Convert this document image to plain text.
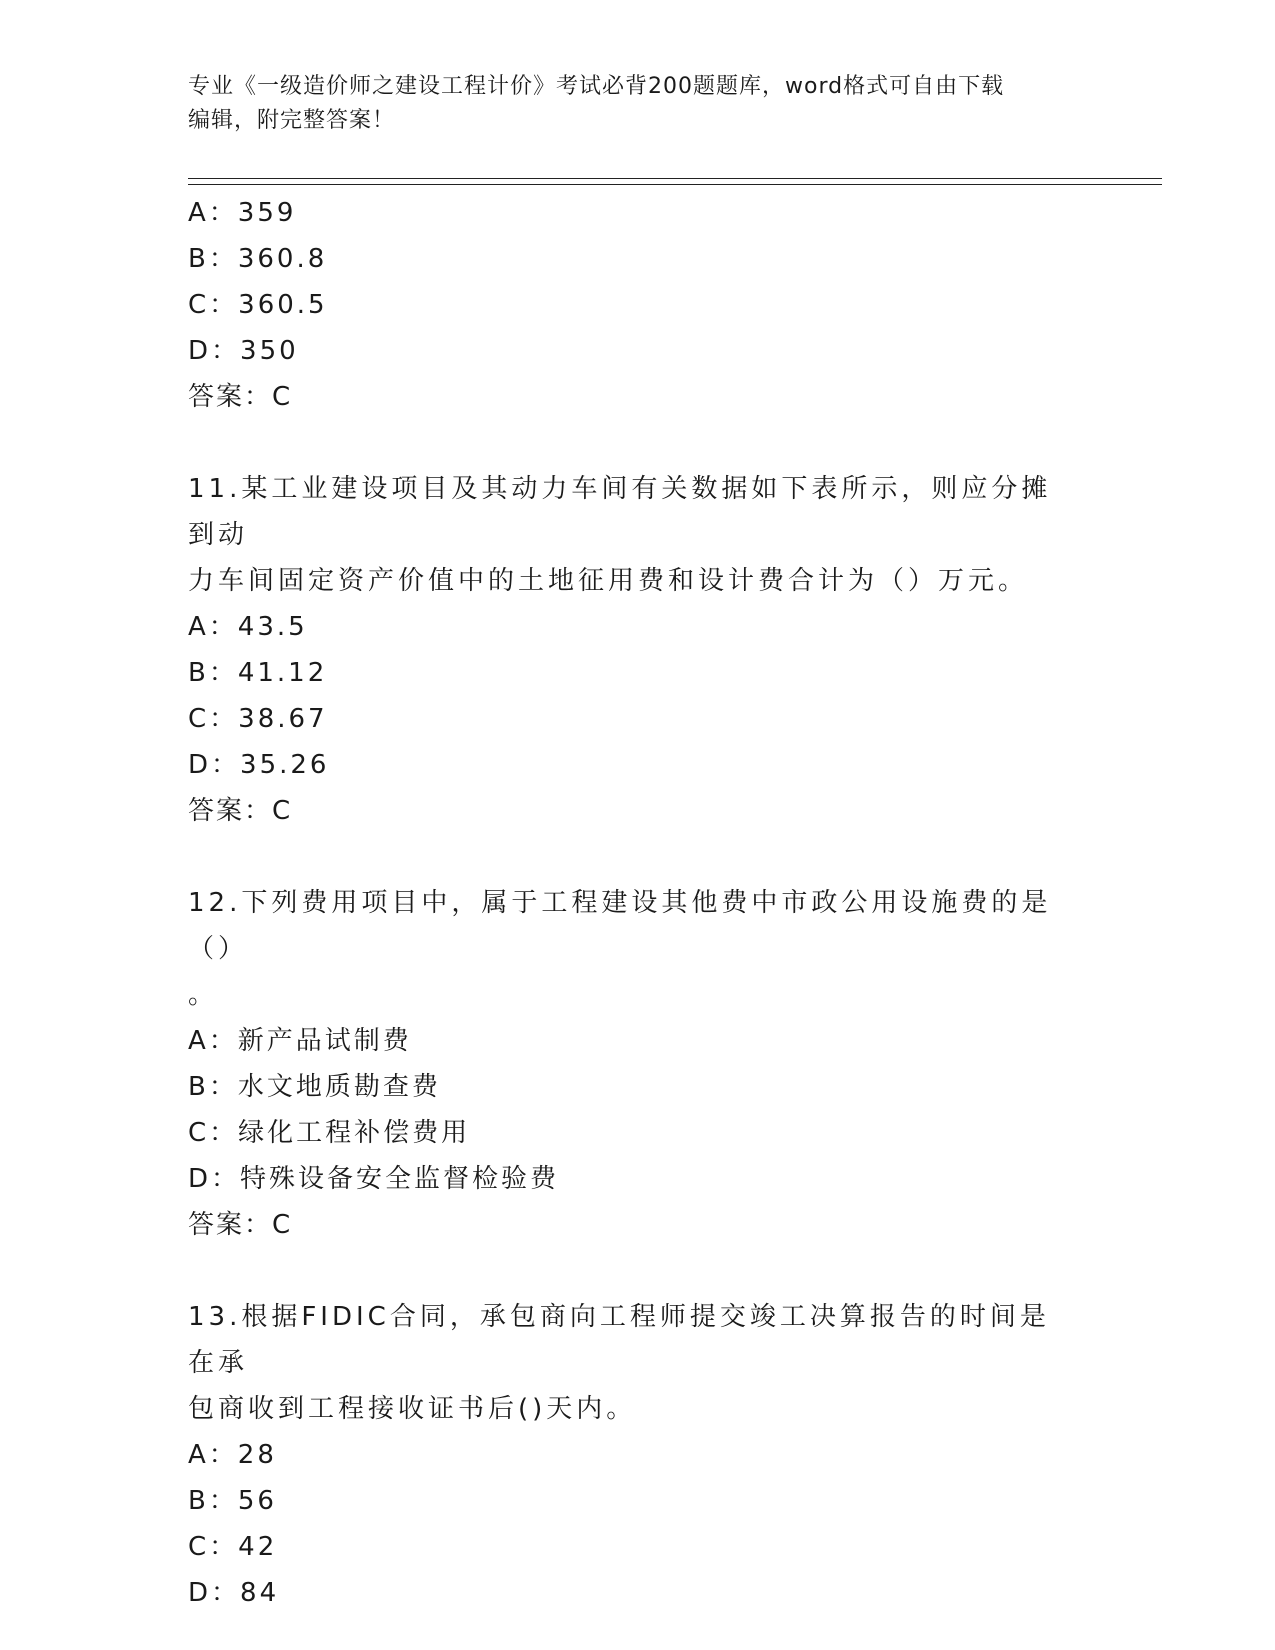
专业《一级造价师之建设工程计价》考试必背200题题库，word格式可自由下载
编辑，附完整答案！
A：359
B：360.8
C：360.5
D：350
答案：C
11.某工业建设项目及其动力车间有关数据如下表所示，则应分摊到动
力车间固定资产价值中的土地征用费和设计费合计为（）万元。
A：43.5
B：41.12
C：38.67
D：35.26
答案：C
12.下列费用项目中，属于工程建设其他费中市政公用设施费的是（）
。
A：新产品试制费
B：水文地质勘查费
C：绿化工程补偿费用
D：特殊设备安全监督检验费
答案：C
13.根据FIDIC合同，承包商向工程师提交竣工决算报告的时间是在承
包商收到工程接收证书后()天内。
A：28
B：56
C：42
D：84
